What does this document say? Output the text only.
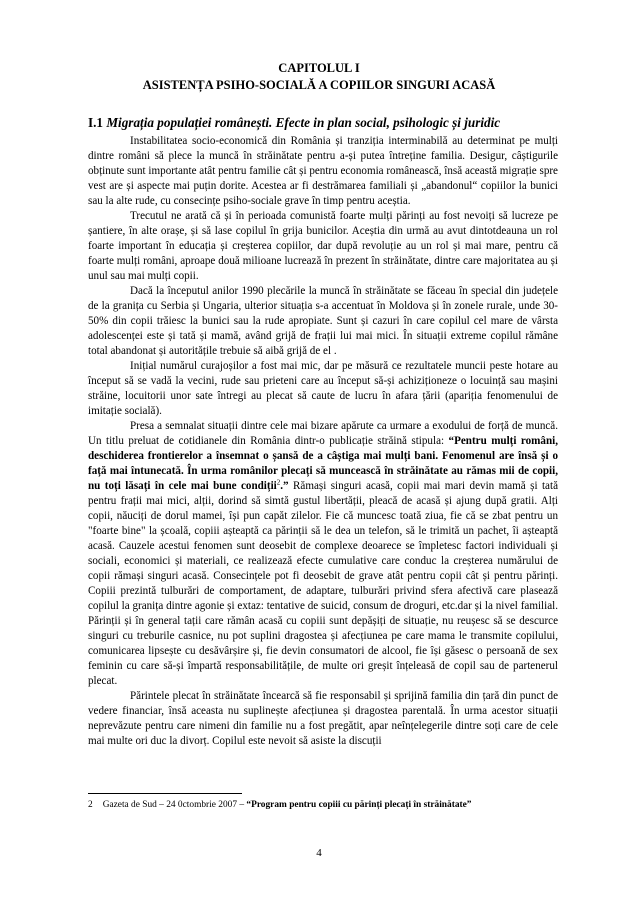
CAPITOLUL I
ASISTENȚA PSIHO-SOCIALĂ A COPIILOR SINGURI ACASĂ
I.1 Migrația populației românești. Efecte in plan social, psihologic și juridic

Instabilitatea socio-economică din România și tranziția interminabilă au determinat pe mulți dintre români să plece la muncă în străinătate pentru a-și putea întreține familia. Desigur, câștigurile obținute sunt importante atât pentru familie cât și pentru economia românească, însă această migrație spre vest are și aspecte mai puțin dorite. Acestea ar fi destrămarea familiali și „abandonul“ copiilor la bunici sau la alte rude, cu consecințe psiho-sociale grave în timp pentru aceștia.

Trecutul ne arată că și în perioada comunistă foarte mulți părinți au fost nevoiți să lucreze pe șantiere, în alte orașe, și să lase copilul în grija bunicilor. Aceștia din urmă au avut dintotdeauna un rol foarte important în educația și creșterea copiilor, dar după revoluție au un rol și mai mare, pentru că foarte mulți români, aproape două milioane lucrează în prezent în străinătate, dintre care majoritatea au și unul sau mai mulți copii.

Dacă la începutul anilor 1990 plecările la muncă în străinătate se făceau în special din județele de la granița cu Serbia și Ungaria, ulterior situația s-a accentuat în Moldova și în zonele rurale, unde 30-50% din copii trăiesc la bunici sau la rude apropiate. Sunt și cazuri în care copilul cel mare de vârsta adolescenței este și tată și mamă, având grijă de frații lui mai mici. În situații extreme copilul rămâne total abandonat și autoritățile trebuie să aibă grijă de el .

Inițial numărul curajoșilor a fost mai mic, dar pe măsură ce rezultatele muncii peste hotare au început să se vadă la vecini, rude sau prieteni care au început să-și achiziționeze o locuință sau mașini străine, locuitorii unor sate întregi au plecat să caute de lucru în afara țării (apariția fenomenului de imitație socială).

Presa a semnalat situații dintre cele mai bizare apărute ca urmare a exodului de forță de muncă. Un titlu preluat de cotidianele din România dintr-o publicație străină stipula: “Pentru mulți români, deschiderea frontierelor a însemnat o șansă de a câștiga mai mulți bani. Fenomenul are însă și o față mai întunecată. În urma românilor plecați să muncească în străinătate au rămas mii de copii, nu toți lăsați în cele mai bune condiții$^2$.” Rămași singuri acasă, copii mai mari devin mamă și tată pentru frații mai mici, alții, dorind să simtă gustul libertății, pleacă de acasă și ajung după gratii. Alți copii, năuciți de dorul mamei, își pun capăt zilelor. Fie că muncesc toată ziua, fie că se zbat pentru un "foarte bine" la școală, copiii așteaptă ca părinții să le dea un telefon, să le trimită un pachet, îi așteaptă acasă. Cauzele acestui fenomen sunt deosebit de complexe deoarece se împletesc factori individuali și sociali, economici și materiali, ce realizează efecte cumulative care conduc la creșterea numărului de copii rămași singuri acasă. Consecințele pot fi deosebit de grave atât pentru copii cât și pentru părinți. Copiii prezintă tulburări de comportament, de adaptare, tulburări privind sfera afectivă care plasează copilul la granița dintre agonie și extaz: tentative de suicid, consum de droguri, etc.dar și la nivel familial. Părinții și în general tații care rămân acasă cu copiii sunt depășiți de situație, nu reușesc să se descurce singuri cu treburile casnice, nu pot suplini dragostea și afecțiunea pe care mama le transmite copilului, comunicarea lipsește cu desăvârșire și, fie devin consumatori de alcool, fie își găsesc o persoană de sex feminin cu care să-și împartă responsabilitățile, de multe ori greșit înțeleasă de copil sau de partenerul plecat.

Părintele plecat în străinătate încearcă să fie responsabil și sprijină familia din țară din punct de vedere financiar, însă aceasta nu suplinește afecțiunea și dragostea parentală. În urma acestor situații neprevăzute pentru care nimeni din familie nu a fost pregătit, apar neînțelegerile dintre soți care de cele mai multe ori duc la divorț. Copilul este nevoit să asiste la discuții

2 Gazeta de Sud – 24 0ctombrie 2007 – “Program pentru copiii cu părinți plecați în străinătate”
4
